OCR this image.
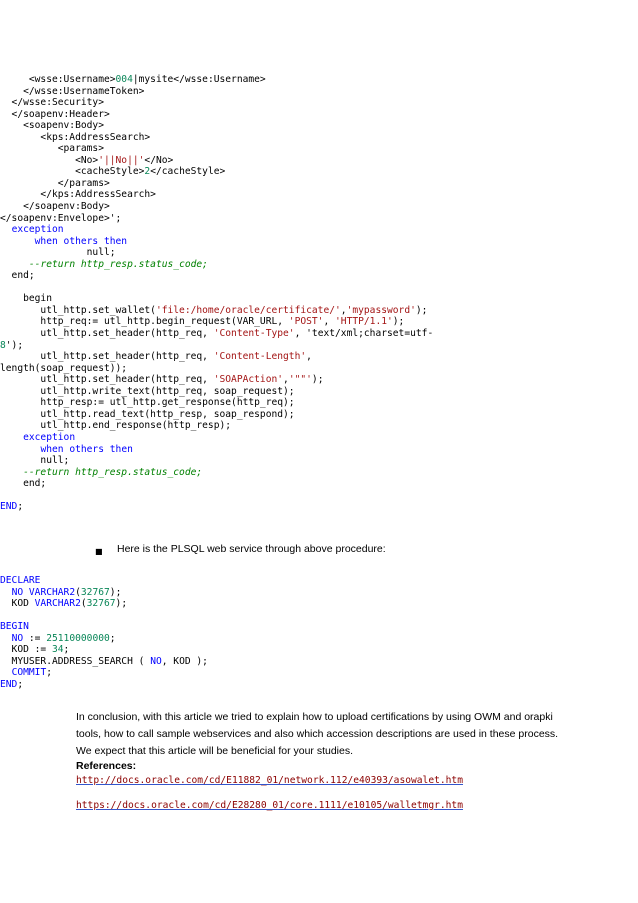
<wsse:Username>004|mysite</wsse:Username>
</wsse:UsernameToken>
</wsse:Security>
</soapenv:Header>
<soapenv:Body>
<kps:AddressSearch>
<params>
<No>'||No||'</No>
<cacheStyle>2</cacheStyle>
</params>
</kps:AddressSearch>
</soapenv:Body>
</soapenv:Envelope>';
exception
when others then
null;
--return http_resp.status_code;
end;

begin
utl_http.set_wallet('file:/home/oracle/certificate/','mypassword');
http_req:= utl_http.begin_request(VAR_URL, 'POST', 'HTTP/1.1');
utl_http.set_header(http_req, 'Content-Type', 'text/xml;charset=utf-
8');
utl_http.set_header(http_req, 'Content-Length',
length(soap_request));
utl_http.set_header(http_req, 'SOAPAction','""');
utl_http.write_text(http_req, soap_request);
http_resp:= utl_http.get_response(http_req);
utl_http.read_text(http_resp, soap_respond);
utl_http.end_response(http_resp);
exception
when others then
null;
--return http_resp.status_code;
end;

END;
■	Here is the PLSQL web service through above procedure:
DECLARE
NO VARCHAR2(32767);
KOD VARCHAR2(32767);

BEGIN
NO := 25110000000;
KOD := 34;
MYUSER.ADDRESS_SEARCH ( NO, KOD );
COMMIT;
END;
In conclusion, with this article we tried to explain how to upload certifications by using OWM and orapki tools, how to call sample webservices and also which accession descriptions are used in these process. We expect that this article will be beneficial for your studies.
References:
http://docs.oracle.com/cd/E11882_01/network.112/e40393/asowalet.htm
https://docs.oracle.com/cd/E28280_01/core.1111/e10105/walletmgr.htm
